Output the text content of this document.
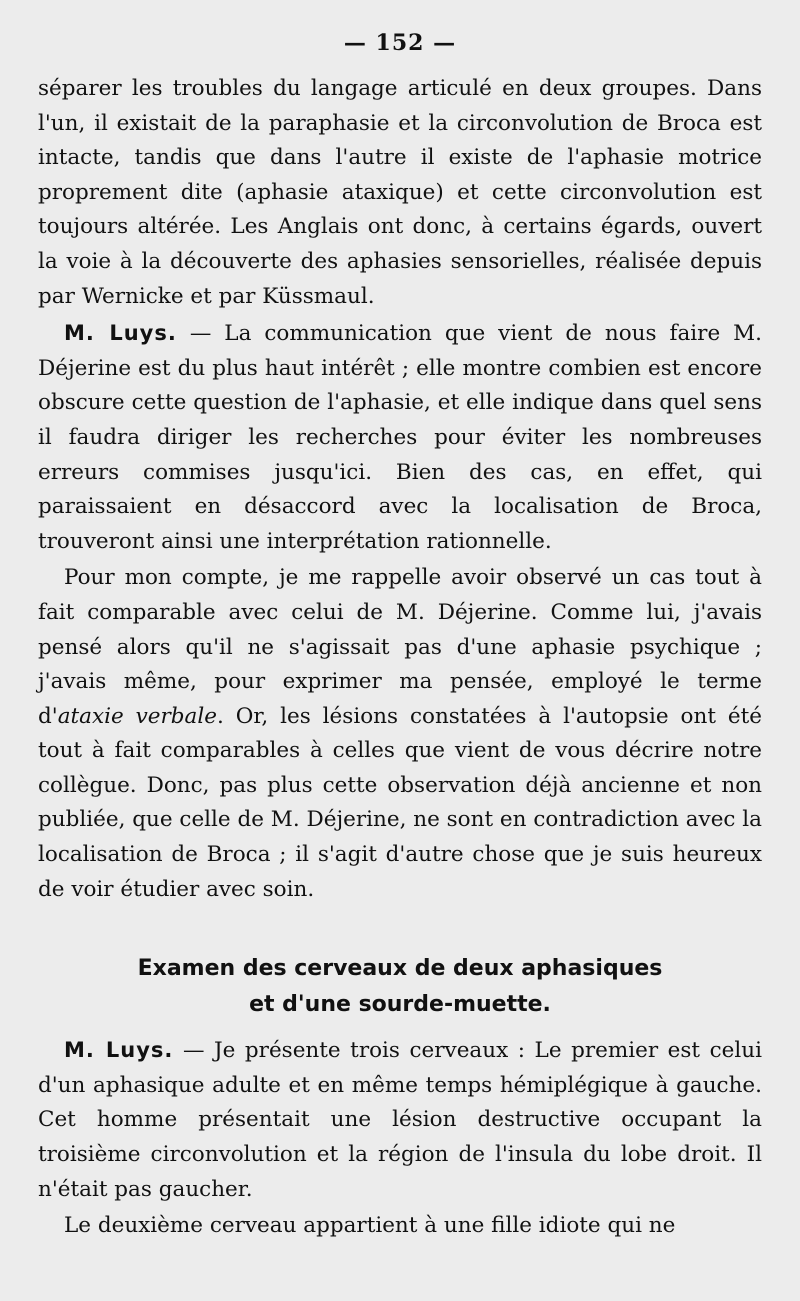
— 152 —

séparer les troubles du langage articulé en deux groupes. Dans l'un, il existait de la paraphasie et la circonvolution de Broca est intacte, tandis que dans l'autre il existe de l'aphasie motrice proprement dite (aphasie ataxique) et cette circonvolution est toujours altérée. Les Anglais ont donc, à certains égards, ouvert la voie à la découverte des aphasies sensorielles, réalisée depuis par Wernicke et par Küssmaul.

M. Luys. — La communication que vient de nous faire M. Déjerine est du plus haut intérêt ; elle montre combien est encore obscure cette question de l'aphasie, et elle indique dans quel sens il faudra diriger les recherches pour éviter les nombreuses erreurs commises jusqu'ici. Bien des cas, en effet, qui paraissaient en désaccord avec la localisation de Broca, trouveront ainsi une interprétation rationnelle.

Pour mon compte, je me rappelle avoir observé un cas tout à fait comparable avec celui de M. Déjerine. Comme lui, j'avais pensé alors qu'il ne s'agissait pas d'une aphasie psychique ; j'avais même, pour exprimer ma pensée, employé le terme d'ataxie verbale. Or, les lésions constatées à l'autopsie ont été tout à fait comparables à celles que vient de vous décrire notre collègue. Donc, pas plus cette observation déjà ancienne et non publiée, que celle de M. Déjerine, ne sont en contradiction avec la localisation de Broca ; il s'agit d'autre chose que je suis heureux de voir étudier avec soin.

Examen des cerveaux de deux aphasiques
et d'une sourde-muette.

M. Luys. — Je présente trois cerveaux : Le premier est celui d'un aphasique adulte et en même temps hémiplégique à gauche. Cet homme présentait une lésion destructive occupant la troisième circonvolution et la région de l'insula du lobe droit. Il n'était pas gaucher.

Le deuxième cerveau appartient à une fille idiote qui ne
